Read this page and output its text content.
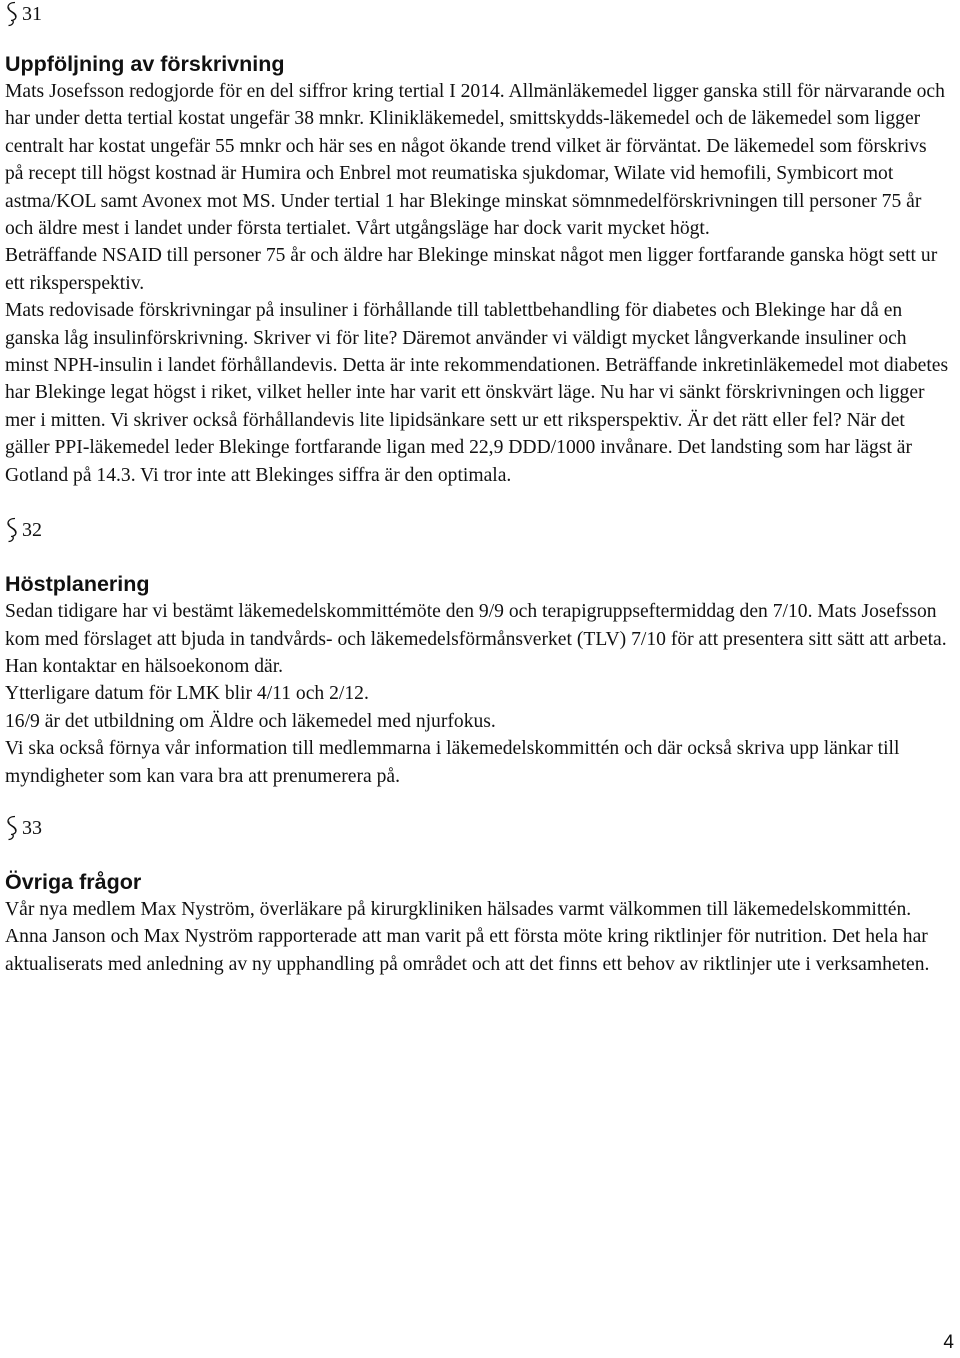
31
Uppföljning av förskrivning

Mats Josefsson redogjorde för en del siffror kring tertial I 2014. Allmänläkemedel ligger ganska still för närvarande och har under detta tertial kostat ungefär 38 mnkr. Klinikläkemedel, smittskydds-läkemedel och de läkemedel som ligger centralt har kostat ungefär 55 mnkr och här ses en något ökande trend vilket är förväntat. De läkemedel som förskrivs på recept till högst kostnad är Humira och Enbrel mot reumatiska sjukdomar, Wilate vid hemofili, Symbicort mot astma/KOL samt Avonex mot MS. Under tertial 1 har Blekinge minskat sömnmedelförskrivningen till personer 75 år och äldre mest i landet under första tertialet. Vårt utgångsläge har dock varit mycket högt.

Beträffande NSAID till personer 75 år och äldre har Blekinge minskat något men ligger fortfarande ganska högt sett ur ett riksperspektiv.

Mats redovisade förskrivningar på insuliner i förhållande till tablettbehandling för diabetes och Blekinge har då en ganska låg insulinförskrivning. Skriver vi för lite? Däremot använder vi väldigt mycket långverkande insuliner och minst NPH-insulin i landet förhållandevis. Detta är inte rekommendationen. Beträffande inkretinläkemedel mot diabetes har Blekinge legat högst i riket, vilket heller inte har varit ett önskvärt läge. Nu har vi sänkt förskrivningen och ligger mer i mitten. Vi skriver också förhållandevis lite lipidsänkare sett ur ett riksperspektiv. Är det rätt eller fel? När det gäller PPI-läkemedel leder Blekinge fortfarande ligan med 22,9 DDD/1000 invånare. Det landsting som har lägst är Gotland på 14.3. Vi tror inte att Blekinges siffra är den optimala.

32
Höstplanering

Sedan tidigare har vi bestämt läkemedelskommittémöte den 9/9 och terapigruppseftermiddag den 7/10. Mats Josefsson kom med förslaget att bjuda in tandvårds- och läkemedelsförmånsverket (TLV) 7/10 för att presentera sitt sätt att arbeta. Han kontaktar en hälsoekonom där.

Ytterligare datum för LMK blir 4/11 och 2/12.

16/9 är det utbildning om Äldre och läkemedel med njurfokus.

Vi ska också förnya vår information till medlemmarna i läkemedelskommittén och där också skriva upp länkar till myndigheter som kan vara bra att prenumerera på.

33
Övriga frågor

Vår nya medlem Max Nyström, överläkare på kirurgkliniken hälsades varmt välkommen till läkemedelskommittén.

Anna Janson och Max Nyström rapporterade att man varit på ett första möte kring riktlinjer för nutrition. Det hela har aktualiserats med anledning av ny upphandling på området och att det finns ett behov av riktlinjer ute i verksamheten.

4
